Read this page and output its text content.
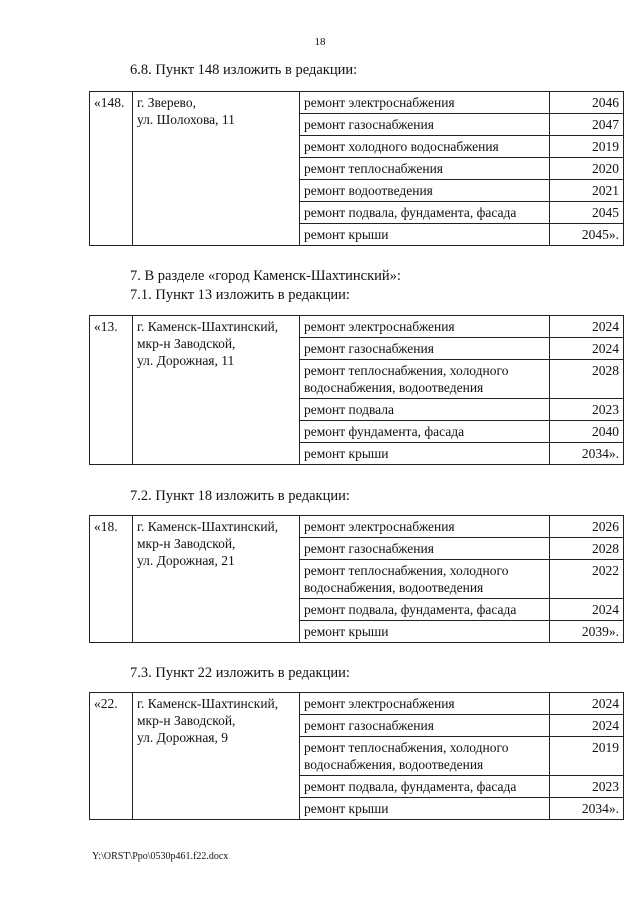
18
6.8. Пункт 148 изложить в редакции:
«148.	г. Зверево,
ул. Шолохова, 11	ремонт электроснабжения	2046
		ремонт газоснабжения	2047
		ремонт холодного водоснабжения	2019
		ремонт теплоснабжения	2020
		ремонт водоотведения	2021
		ремонт подвала, фундамента, фасада	2045
		ремонт крыши	2045».
7. В разделе «город Каменск-Шахтинский»:
7.1. Пункт 13 изложить в редакции:
«13.	г. Каменск-Шахтинский,
мкр-н Заводской,
ул. Дорожная, 11	ремонт электроснабжения	2024
		ремонт газоснабжения	2024
		ремонт теплоснабжения, холодного водоснабжения, водоотведения	2028
		ремонт подвала	2023
		ремонт фундамента, фасада	2040
		ремонт крыши	2034».
7.2. Пункт 18 изложить в редакции:
«18.	г. Каменск-Шахтинский,
мкр-н Заводской,
ул. Дорожная, 21	ремонт электроснабжения	2026
		ремонт газоснабжения	2028
		ремонт теплоснабжения, холодного водоснабжения, водоотведения	2022
		ремонт подвала, фундамента, фасада	2024
		ремонт крыши	2039».
7.3. Пункт 22 изложить в редакции:
«22.	г. Каменск-Шахтинский,
мкр-н Заводской,
ул. Дорожная, 9	ремонт электроснабжения	2024
		ремонт газоснабжения	2024
		ремонт теплоснабжения, холодного водоснабжения, водоотведения	2019
		ремонт подвала, фундамента, фасада	2023
		ремонт крыши	2034».
Y:\ORST\Ppo\0530p461.f22.docx
